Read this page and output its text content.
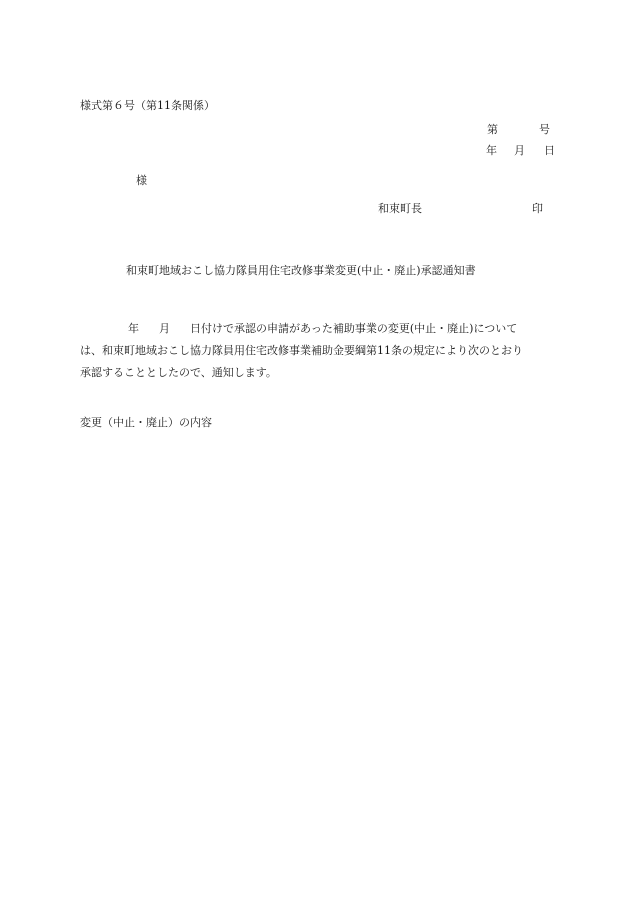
様式第６号（第11条関係）
第	号
年 月 日
様
和束町長	印
和束町地域おこし協力隊員用住宅改修事業変更(中止・廃止)承認通知書
年 月 日付けで承認の申請があった補助事業の変更(中止・廃止)について
は、和束町地域おこし協力隊員用住宅改修事業補助金要綱第11条の規定により次のとおり
承認することとしたので、通知します。
変更（中止・廃止）の内容
